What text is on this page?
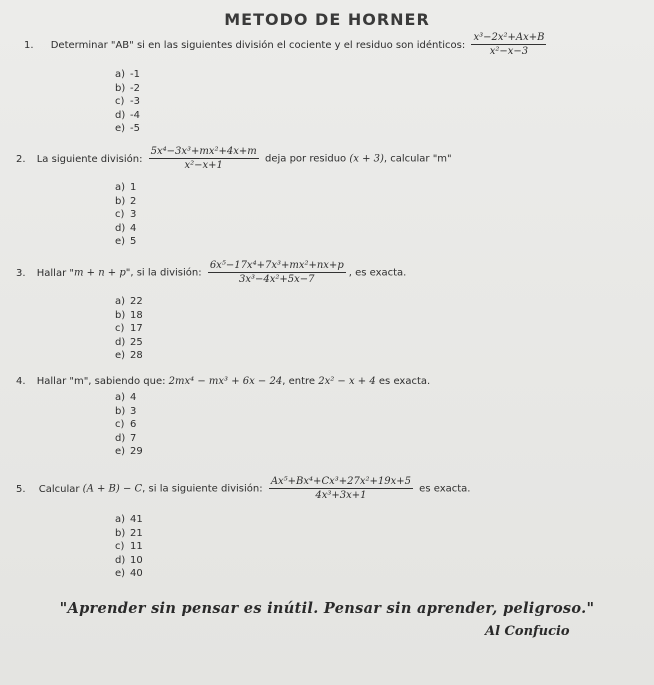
METODO DE HORNER
1. Determinar "AB" si en las siguientes división el cociente y el residuo son idénticos: $\frac{\text{x³−2x²+Ax+B}}{\text{x²−x−3}}$
a) -1
b) -2
c) -3
d) -4
e) -5
2. La siguiente división: $\frac{\text{5x⁴−3x³+mx²+4x+m}}{\text{x²−x+1}}$ deja por residuo (x + 3), calcular "m"
a) 1
b) 2
c) 3
d) 4
e) 5
3. Hallar "m + n + p", si la división: $\frac{\text{6x⁵−17x⁴+7x³+mx²+nx+p}}{\text{3x³−4x²+5x−7}}$ , es exacta.
a) 22
b) 18
c) 17
d) 25
e) 28
4. Hallar "m", sabiendo que: 2mx⁴ − mx³ + 6x − 24, entre 2x² − x + 4 es exacta.
a) 4
b) 3
c) 6
d) 7
e) 29
5. Calcular (A + B) − C, si la siguiente división: $\frac{\text{Ax⁵+Bx⁴+Cx³+27x²+19x+5}}{\text{4x³+3x+1}}$ es exacta.
a) 41
b) 21
c) 11
d) 10
e) 40
"Aprender sin pensar es inútil. Pensar sin aprender, peligroso."
Al Confucio
